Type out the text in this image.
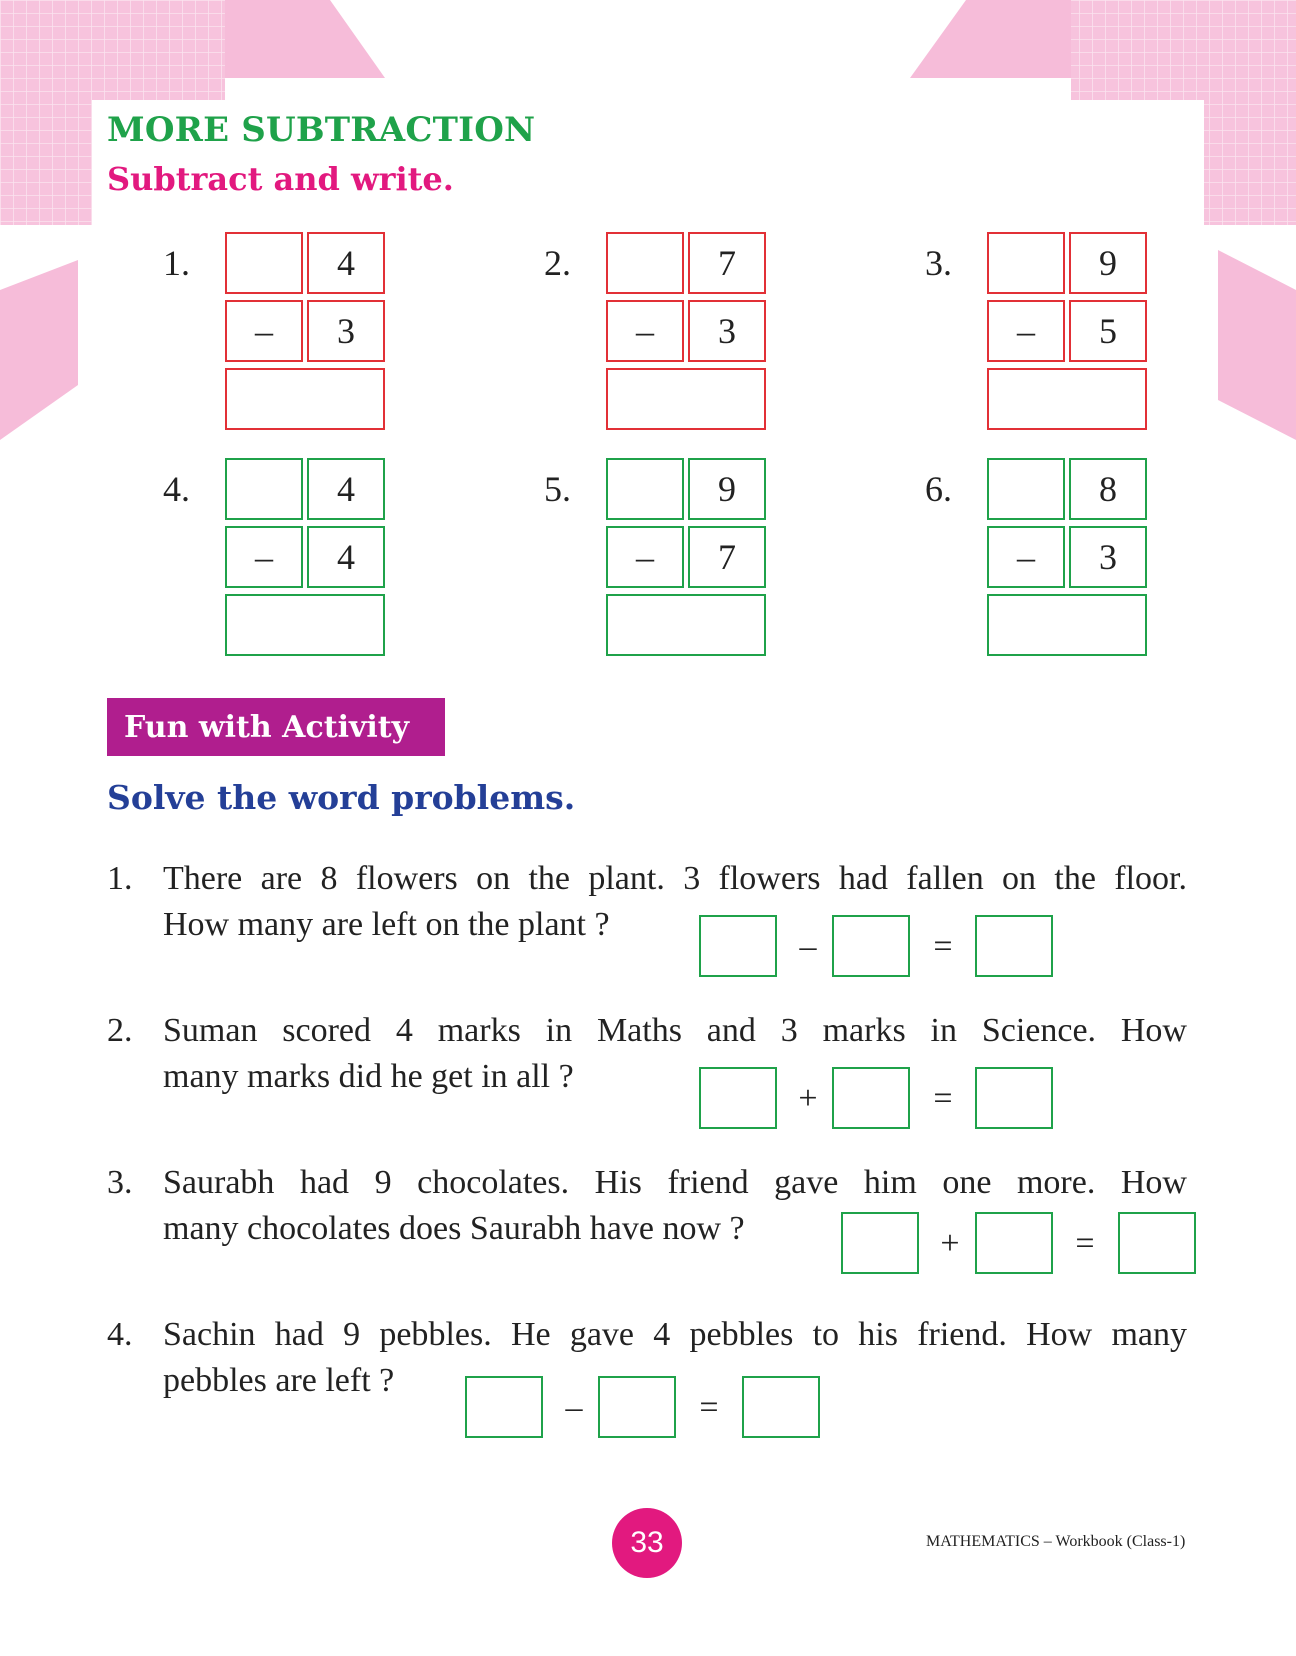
MORE SUBTRACTION
Subtract and write.
1.	4
–	3
2.	7
–	3
3.	9
–	5
4.	4
–	4
5.	9
–	7
6.	8
–	3
Fun with Activity
Solve the word problems.
1. There are 8 flowers on the plant. 3 flowers had fallen on the floor.
How many are left on the plant ?
–	=
2. Suman scored 4 marks in Maths and 3 marks in Science. How
many marks did he get in all ?
+	=
3. Saurabh had 9 chocolates. His friend gave him one more. How
many chocolates does Saurabh have now ?	+	=
4. Sachin had 9 pebbles. He gave 4 pebbles to his friend. How many
pebbles are left ?
–	=
33	MATHEMATICS – Workbook (Class-1)
